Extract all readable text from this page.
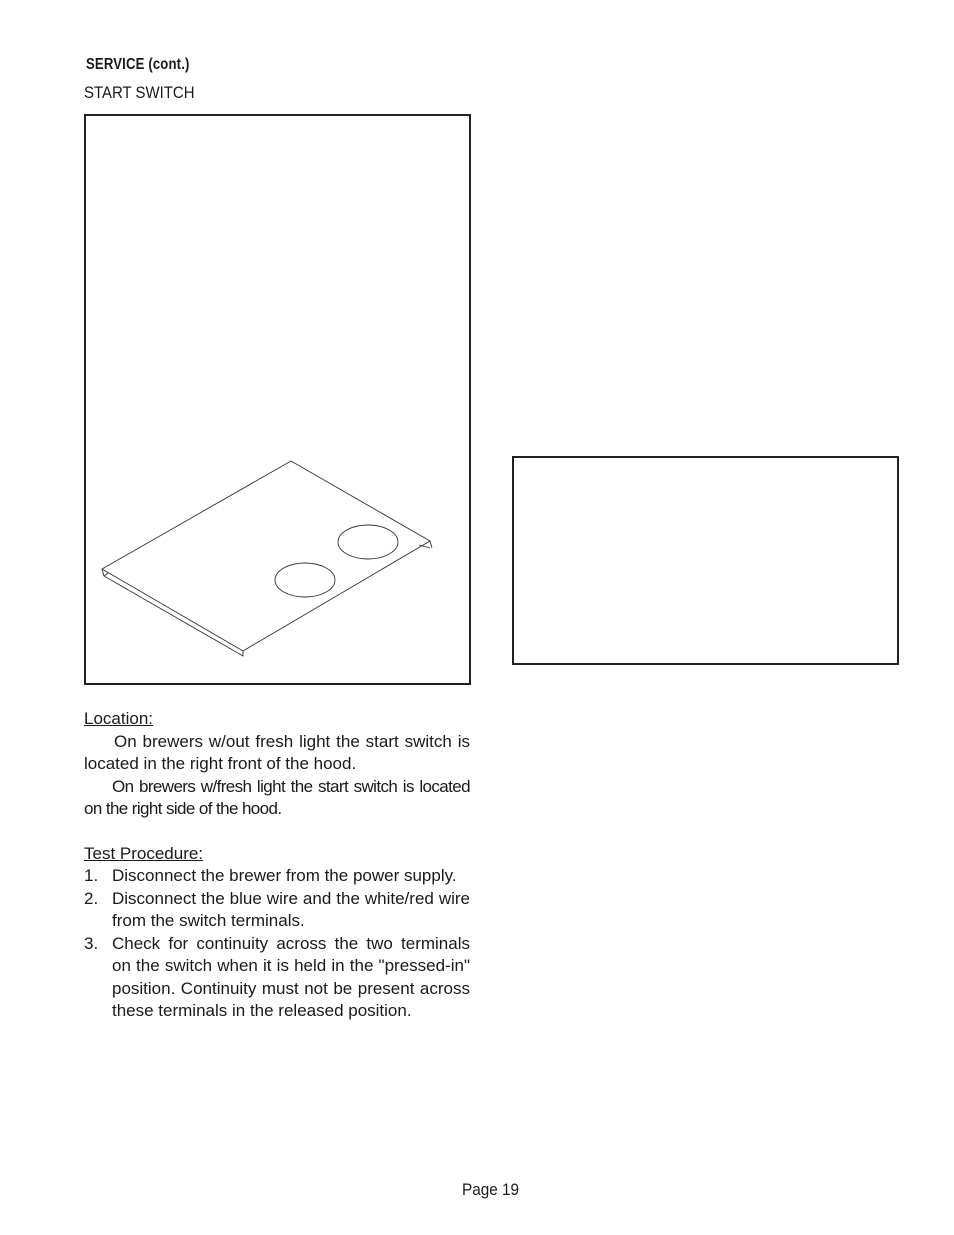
SERVICE (cont.)
START SWITCH

Location:

On brewers w/out fresh light the start switch is located in the right front of the hood.

On brewers w/fresh light the start switch is located on the right side of the hood.

Test Procedure:

1. Disconnect the brewer from the power supply.
2. Disconnect the blue wire and the white/red wire from the switch terminals.
3. Check for continuity across the two terminals on the switch when it is held in the "pressed-in" position. Continuity must not be present across these terminals in the released position.
Page 19
